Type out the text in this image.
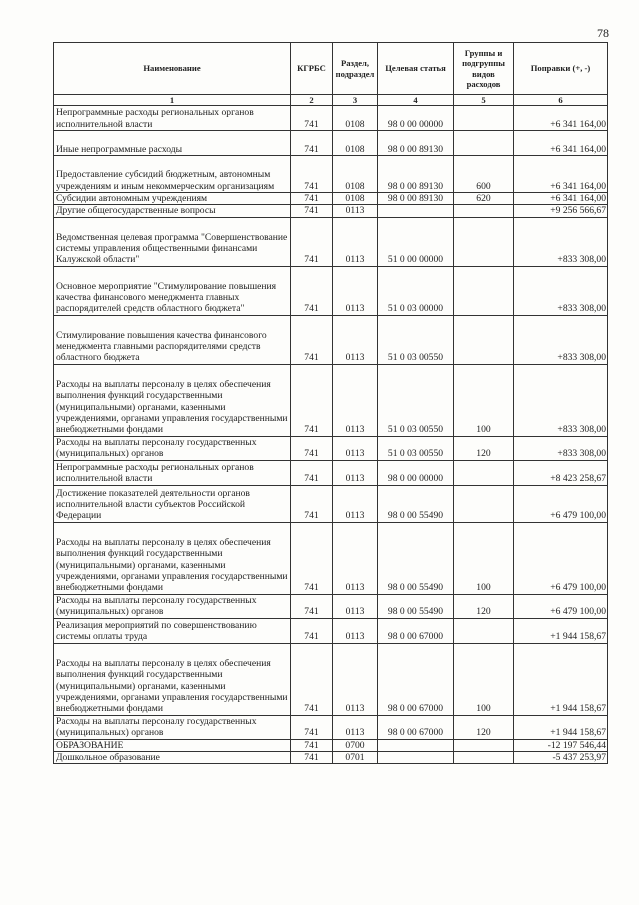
78
Наименование	КГРБС	Раздел, подраздел	Целевая статья	Группы и подгруппы видов расходов	Поправки (+, -)
1	2	3	4	5	6
Непрограммные расходы региональных органов исполнительной власти	741	0108	98 0 00 00000		+6 341 164,00
Иные непрограммные расходы	741	0108	98 0 00 89130		+6 341 164,00
Предоставление субсидий бюджетным, автономным учреждениям и иным некоммерческим организациям	741	0108	98 0 00 89130	600	+6 341 164,00
Субсидии автономным учреждениям	741	0108	98 0 00 89130	620	+6 341 164,00
Другие общегосударственные вопросы	741	0113			+9 256 566,67
Ведомственная целевая программа "Совершенствование системы управления общественными финансами Калужской области"	741	0113	51 0 00 00000		+833 308,00
Основное мероприятие "Стимулирование повышения качества финансового менеджмента главных распорядителей средств областного бюджета"	741	0113	51 0 03 00000		+833 308,00
Стимулирование повышения качества финансового менеджмента главными распорядителями средств областного бюджета	741	0113	51 0 03 00550		+833 308,00
Расходы на выплаты персоналу в целях обеспечения выполнения функций государственными (муниципальными) органами, казенными учреждениями, органами управления государственными внебюджетными фондами	741	0113	51 0 03 00550	100	+833 308,00
Расходы на выплаты персоналу государственных (муниципальных) органов	741	0113	51 0 03 00550	120	+833 308,00
Непрограммные расходы региональных органов исполнительной власти	741	0113	98 0 00 00000		+8 423 258,67
Достижение показателей деятельности органов исполнительной власти субъектов Российской Федерации	741	0113	98 0 00 55490		+6 479 100,00
Расходы на выплаты персоналу в целях обеспечения выполнения функций государственными (муниципальными) органами, казенными учреждениями, органами управления государственными внебюджетными фондами	741	0113	98 0 00 55490	100	+6 479 100,00
Расходы на выплаты персоналу государственных (муниципальных) органов	741	0113	98 0 00 55490	120	+6 479 100,00
Реализация мероприятий по совершенствованию системы оплаты труда	741	0113	98 0 00 67000		+1 944 158,67
Расходы на выплаты персоналу в целях обеспечения выполнения функций государственными (муниципальными) органами, казенными учреждениями, органами управления государственными внебюджетными фондами	741	0113	98 0 00 67000	100	+1 944 158,67
Расходы на выплаты персоналу государственных (муниципальных) органов	741	0113	98 0 00 67000	120	+1 944 158,67
ОБРАЗОВАНИЕ	741	0700			-12 197 546,44
Дошкольное образование	741	0701			-5 437 253,97
